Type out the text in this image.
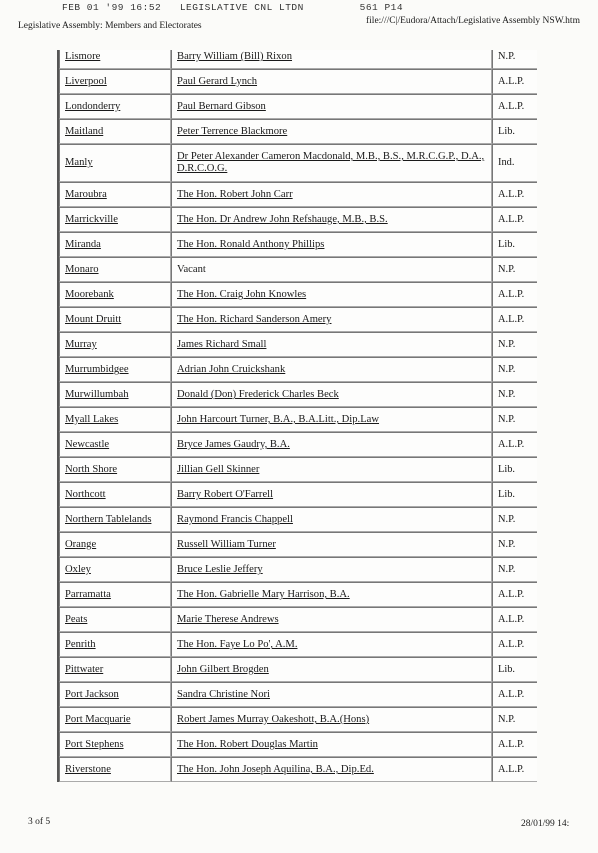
FEB 01 '99 16:52   LEGISLATIVE CNL LTDN         561 P14
Legislative Assembly: Members and Electorates	file:///C|/Eudora/Attach/Legislative Assembly NSW.htm
Lismore	Barry William (Bill) Rixon	N.P.
Liverpool	Paul Gerard Lynch	A.L.P.
Londonderry	Paul Bernard Gibson	A.L.P.
Maitland	Peter Terrence Blackmore	Lib.
Manly	Dr Peter Alexander Cameron Macdonald, M.B., B.S., M.R.C.G.P., D.A., D.R.C.O.G.	Ind.
Maroubra	The Hon. Robert John Carr	A.L.P.
Marrickville	The Hon. Dr Andrew John Refshauge, M.B., B.S.	A.L.P.
Miranda	The Hon. Ronald Anthony Phillips	Lib.
Monaro	Vacant	N.P.
Moorebank	The Hon. Craig John Knowles	A.L.P.
Mount Druitt	The Hon. Richard Sanderson Amery	A.L.P.
Murray	James Richard Small	N.P.
Murrumbidgee	Adrian John Cruickshank	N.P.
Murwillumbah	Donald (Don) Frederick Charles Beck	N.P.
Myall Lakes	John Harcourt Turner, B.A., B.A.Litt., Dip.Law	N.P.
Newcastle	Bryce James Gaudry, B.A.	A.L.P.
North Shore	Jillian Gell Skinner	Lib.
Northcott	Barry Robert O'Farrell	Lib.
Northern Tablelands	Raymond Francis Chappell	N.P.
Orange	Russell William Turner	N.P.
Oxley	Bruce Leslie Jeffery	N.P.
Parramatta	The Hon. Gabrielle Mary Harrison, B.A.	A.L.P.
Peats	Marie Therese Andrews	A.L.P.
Penrith	The Hon. Faye Lo Po', A.M.	A.L.P.
Pittwater	John Gilbert Brogden	Lib.
Port Jackson	Sandra Christine Nori	A.L.P.
Port Macquarie	Robert James Murray Oakeshott, B.A.(Hons)	N.P.
Port Stephens	The Hon. Robert Douglas Martin	A.L.P.
Riverstone	The Hon. John Joseph Aquilina, B.A., Dip.Ed.	A.L.P.
3 of 5	28/01/99 14:
